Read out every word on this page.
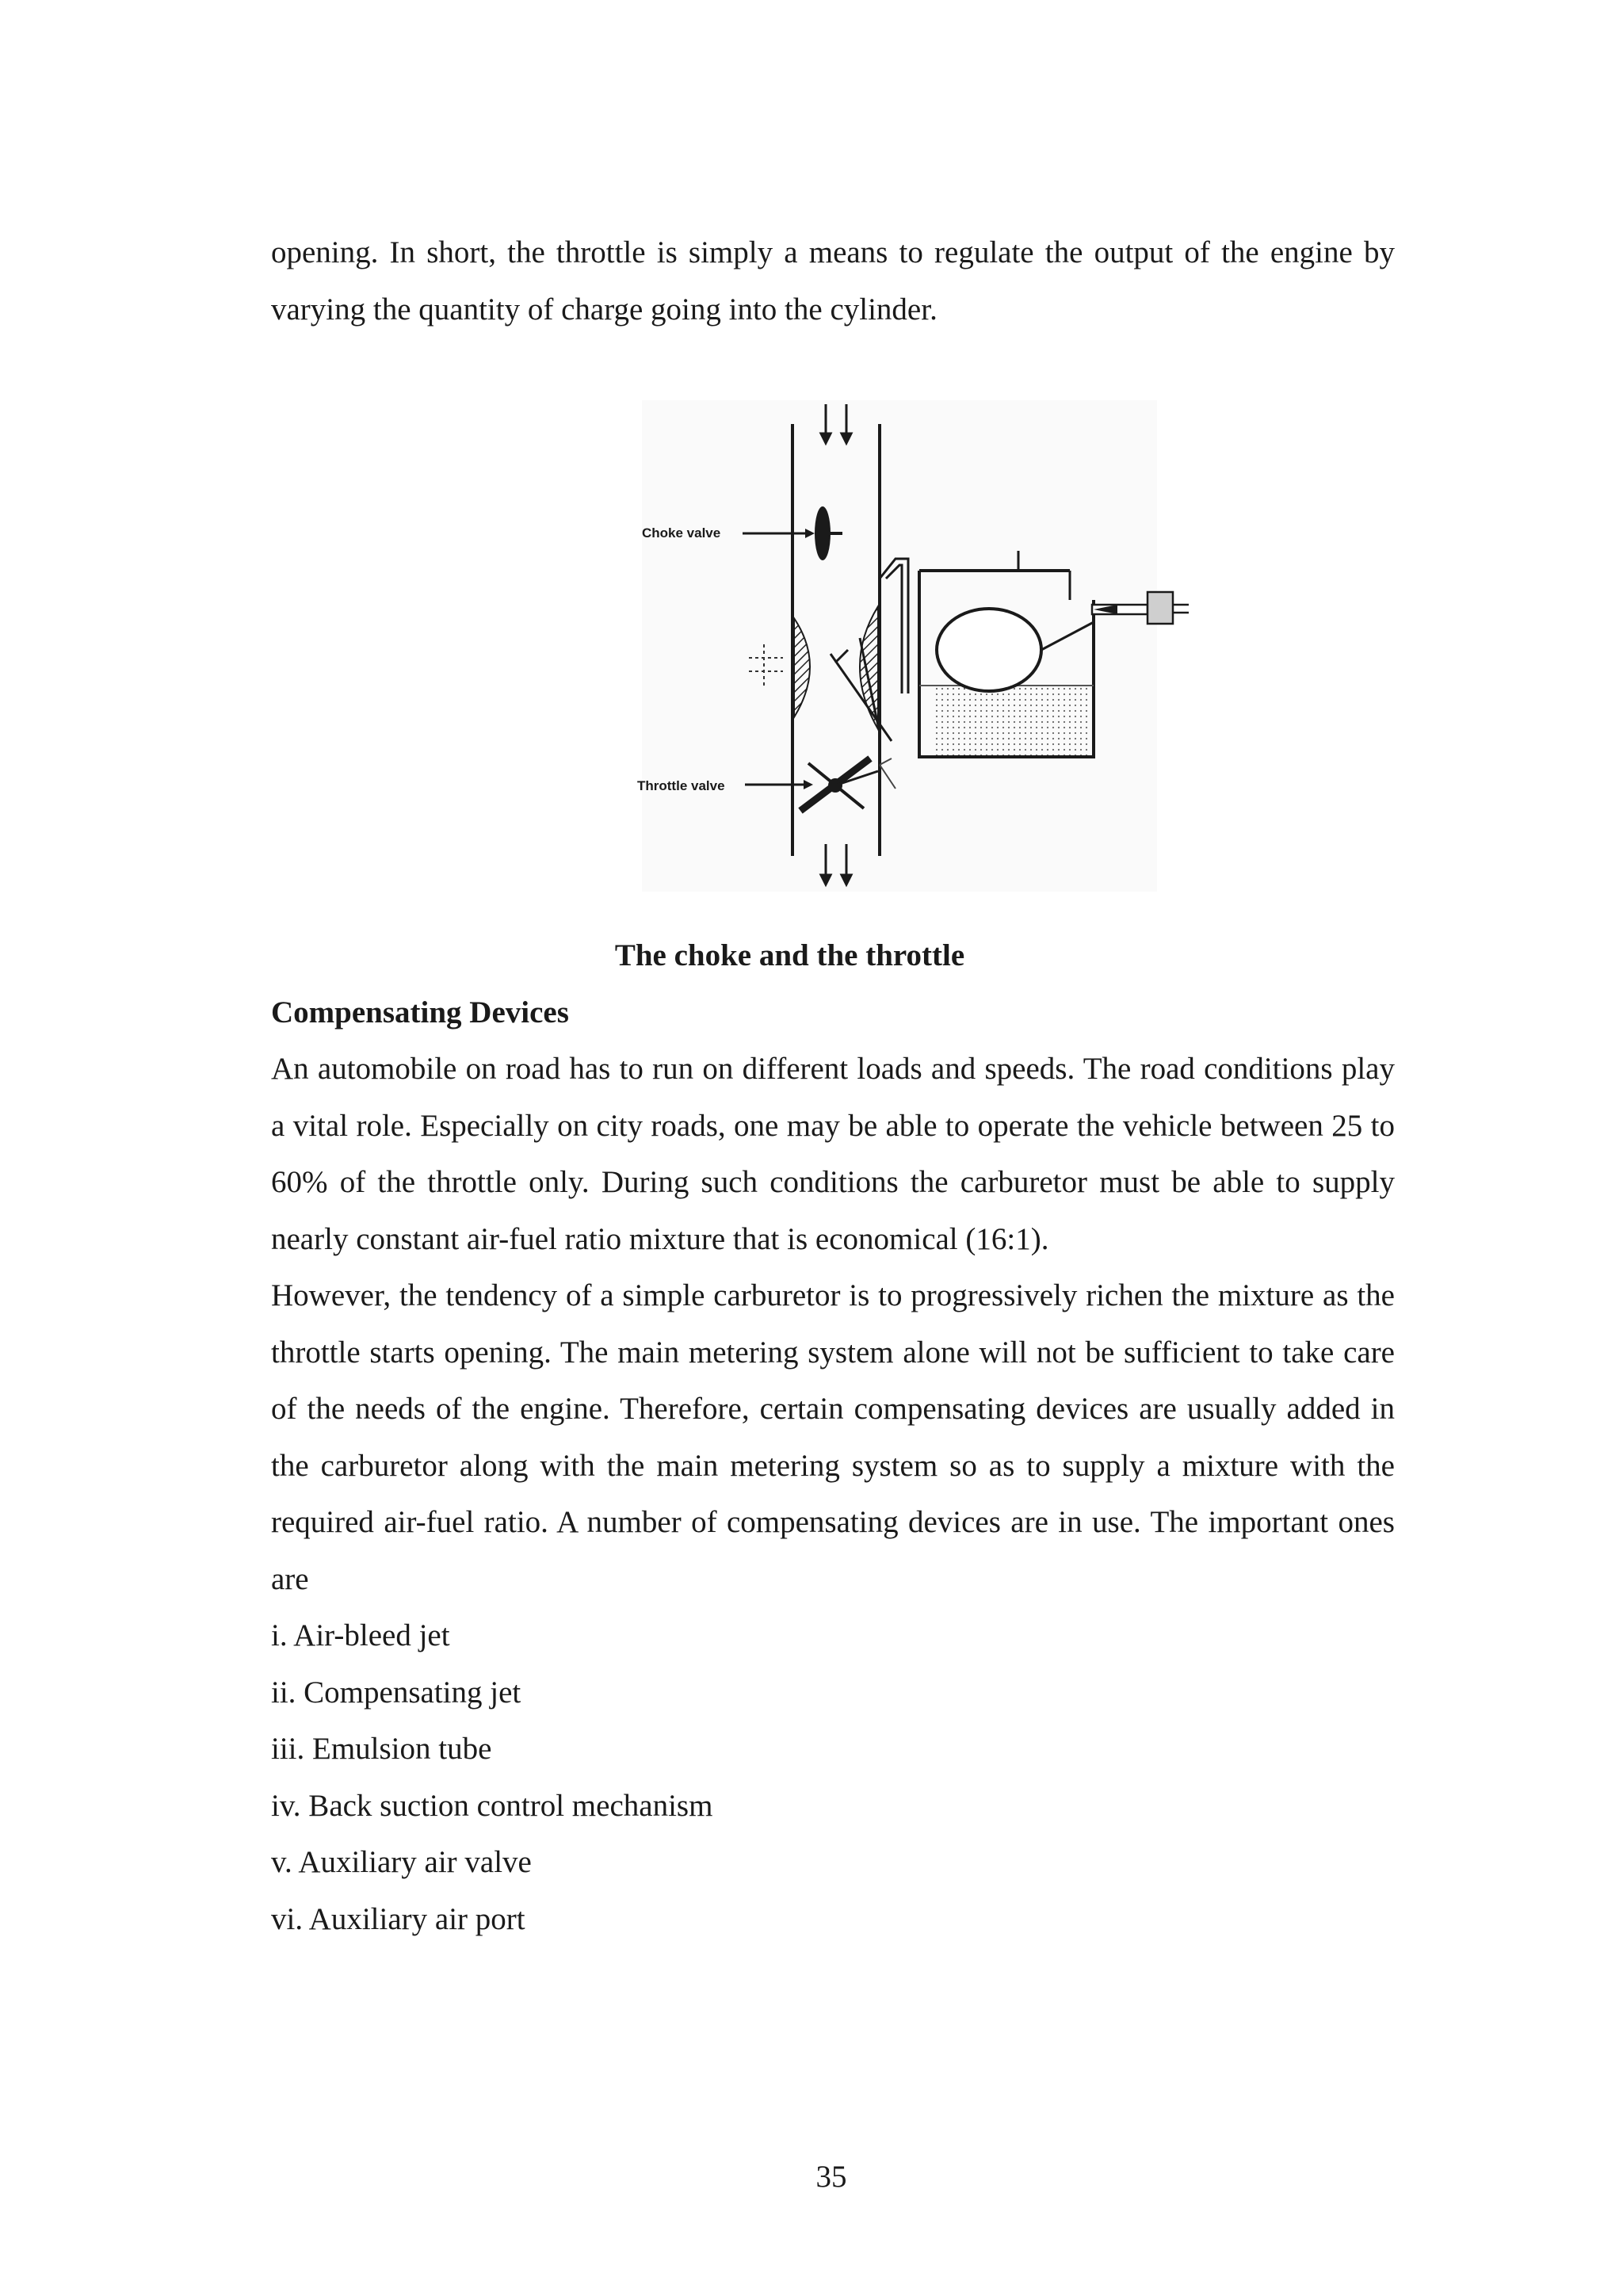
opening. In short, the throttle is simply a means to regulate the output of the engine by varying the quantity of charge going into the cylinder.
Choke valve
Throttle valve
The choke and the throttle
Compensating Devices
An automobile on road has to run on different loads and speeds. The road conditions play a vital role. Especially on city roads, one may be able to operate the vehicle between 25 to 60% of the throttle only. During such conditions the carburetor must be able to supply nearly constant air-fuel ratio mixture that is economical (16:1).
However, the tendency of a simple carburetor is to progressively richen the mixture as the throttle starts opening. The main metering system alone will not be sufficient to take care of the needs of the engine. Therefore, certain compensating devices are usually added in the carburetor along with the main metering system so as to supply a mixture with the required air-fuel ratio. A number of compensating devices are in use. The important ones are
i. Air-bleed jet
ii. Compensating jet
iii. Emulsion tube
iv. Back suction control mechanism
v. Auxiliary air valve
vi. Auxiliary air port
35
